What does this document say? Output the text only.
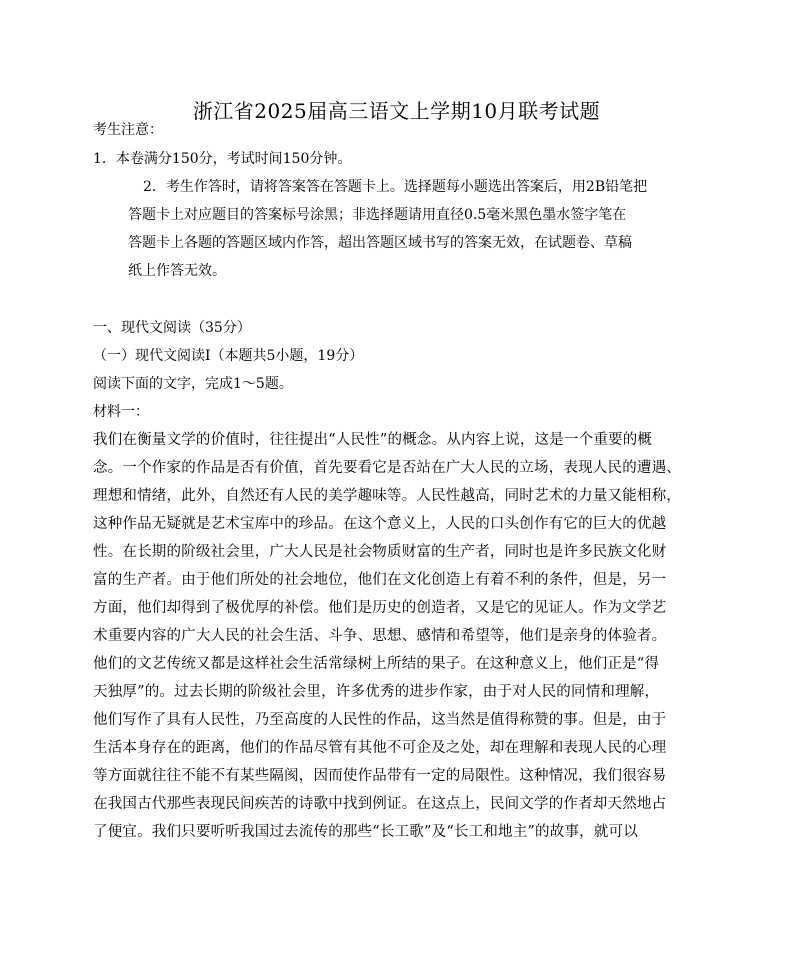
浙江省2025届高三语文上学期10月联考试题
考生注意：
1．本卷满分150分，考试时间150分钟。
2．考生作答时，请将答案答在答题卡上。选择题每小题选出答案后，用2B铅笔把
答题卡上对应题目的答案标号涂黑；非选择题请用直径0.5毫米黑色墨水签字笔在
答题卡上各题的答题区域内作答，超出答题区域书写的答案无效，在试题卷、草稿
纸上作答无效。
一、现代文阅读（35分）
（一）现代文阅读Ⅰ（本题共5小题，19分）
阅读下面的文字，完成1～5题。
材料一：
我们在衡量文学的价值时，往往提出“人民性”的概念。从内容上说，这是一个重要的概
念。一个作家的作品是否有价值，首先要看它是否站在广大人民的立场，表现人民的遭遇、
理想和情绪，此外，自然还有人民的美学趣味等。人民性越高，同时艺术的力量又能相称，
这种作品无疑就是艺术宝库中的珍品。在这个意义上，人民的口头创作有它的巨大的优越
性。在长期的阶级社会里，广大人民是社会物质财富的生产者，同时也是许多民族文化财
富的生产者。由于他们所处的社会地位，他们在文化创造上有着不利的条件，但是，另一
方面，他们却得到了极优厚的补偿。他们是历史的创造者，又是它的见证人。作为文学艺
术重要内容的广大人民的社会生活、斗争、思想、感情和希望等，他们是亲身的体验者。
他们的文艺传统又都是这样社会生活常绿树上所结的果子。在这种意义上，他们正是“得
天独厚”的。过去长期的阶级社会里，许多优秀的进步作家，由于对人民的同情和理解，
他们写作了具有人民性，乃至高度的人民性的作品，这当然是值得称赞的事。但是，由于
生活本身存在的距离，他们的作品尽管有其他不可企及之处，却在理解和表现人民的心理
等方面就往往不能不有某些隔阂，因而使作品带有一定的局限性。这种情况，我们很容易
在我国古代那些表现民间疾苦的诗歌中找到例证。在这点上，民间文学的作者却天然地占
了便宜。我们只要听听我国过去流传的那些“长工歌”及“长工和地主”的故事，就可以
